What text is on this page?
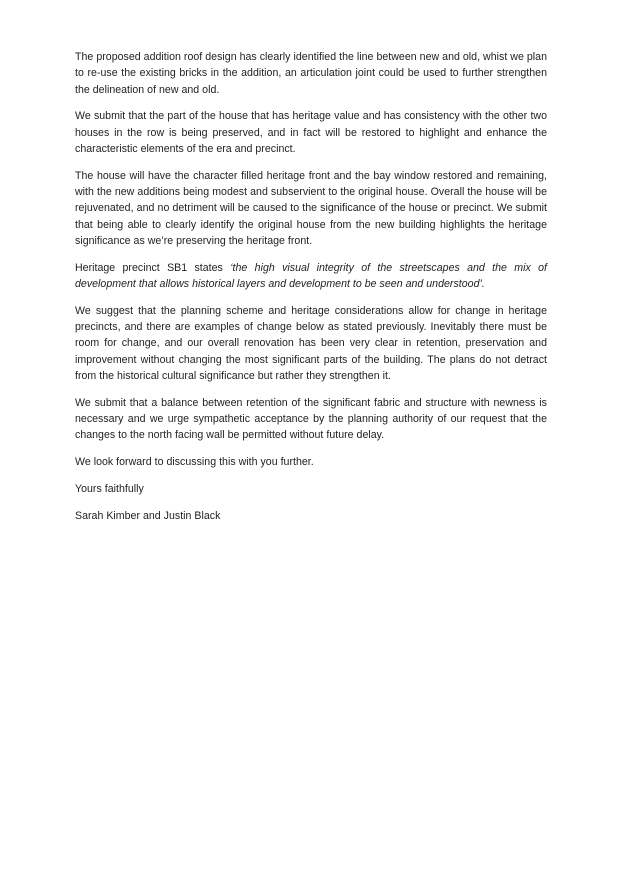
The proposed addition roof design has clearly identified the line between new and old, whist we plan to re-use the existing bricks in the addition, an articulation joint could be used to further strengthen the delineation of new and old.

We submit that the part of the house that has heritage value and has consistency with the other two houses in the row is being preserved, and in fact will be restored to highlight and enhance the characteristic elements of the era and precinct.

The house will have the character filled heritage front and the bay window restored and remaining, with the new additions being modest and subservient to the original house. Overall the house will be rejuvenated, and no detriment will be caused to the significance of the house or precinct. We submit that being able to clearly identify the original house from the new building highlights the heritage significance as we’re preserving the heritage front.

Heritage precinct SB1 states ‘the high visual integrity of the streetscapes and the mix of development that allows historical layers and development to be seen and understood’.

We suggest that the planning scheme and heritage considerations allow for change in heritage precincts, and there are examples of change below as stated previously. Inevitably there must be room for change, and our overall renovation has been very clear in retention, preservation and improvement without changing the most significant parts of the building. The plans do not detract from the historical cultural significance but rather they strengthen it.

We submit that a balance between retention of the significant fabric and structure with newness is necessary and we urge sympathetic acceptance by the planning authority of our request that the changes to the north facing wall be permitted without future delay.

We look forward to discussing this with you further.

Yours faithfully

Sarah Kimber and Justin Black
